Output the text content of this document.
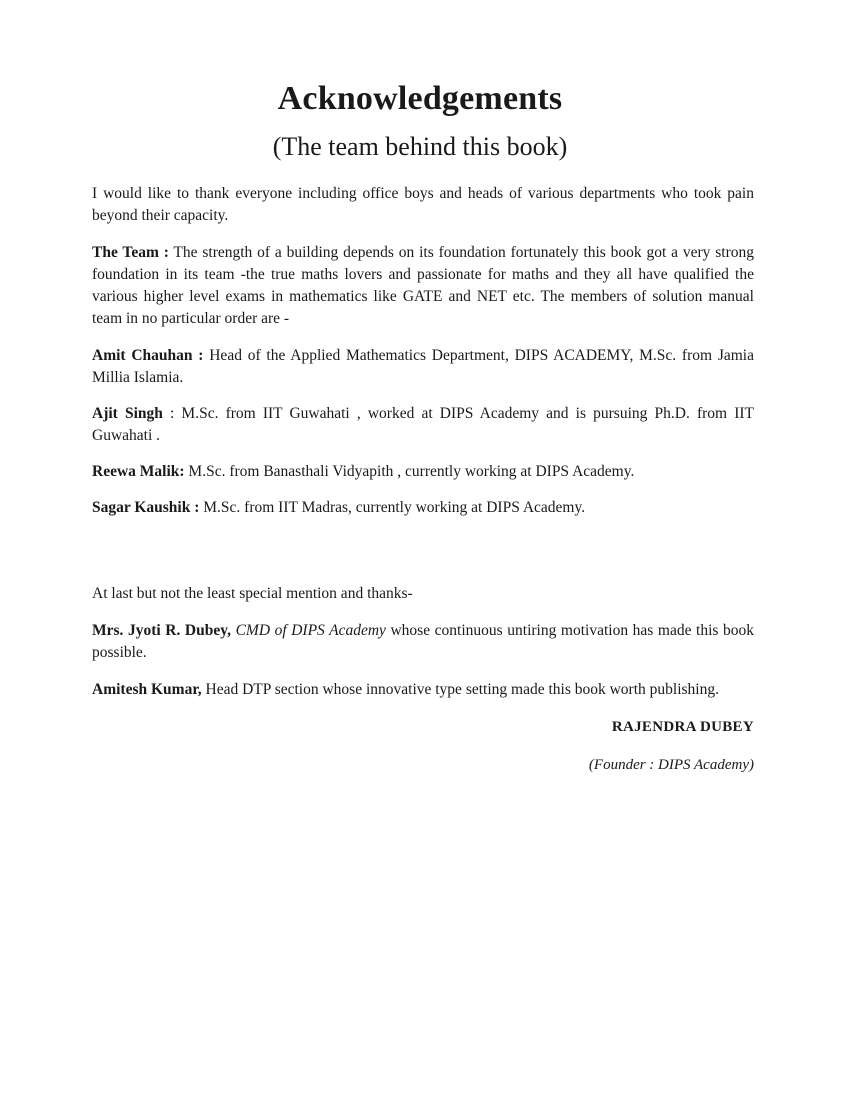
Acknowledgements
(The team behind this book)

I would like to thank everyone including office boys and heads of various departments who took pain beyond their capacity.

The Team : The strength of a building depends on its foundation fortunately this book got a very strong foundation in its team -the true maths lovers and passionate for maths and they all have qualified the various higher level exams in mathematics like GATE and NET etc. The members of solution manual team in no particular order are -

Amit Chauhan : Head of the Applied Mathematics Department, DIPS ACADEMY, M.Sc. from Jamia Millia Islamia.

Ajit Singh : M.Sc. from IIT Guwahati , worked at DIPS Academy and is pursuing Ph.D. from IIT Guwahati .

Reewa Malik: M.Sc. from Banasthali Vidyapith , currently working at DIPS Academy.

Sagar Kaushik : M.Sc. from IIT Madras, currently working at DIPS Academy.

At last but not the least special mention and thanks-

Mrs. Jyoti R. Dubey, CMD of DIPS Academy whose continuous untiring motivation has made this book possible.

Amitesh Kumar, Head DTP section whose innovative type setting made this book worth publishing.

RAJENDRA DUBEY
(Founder : DIPS Academy)
